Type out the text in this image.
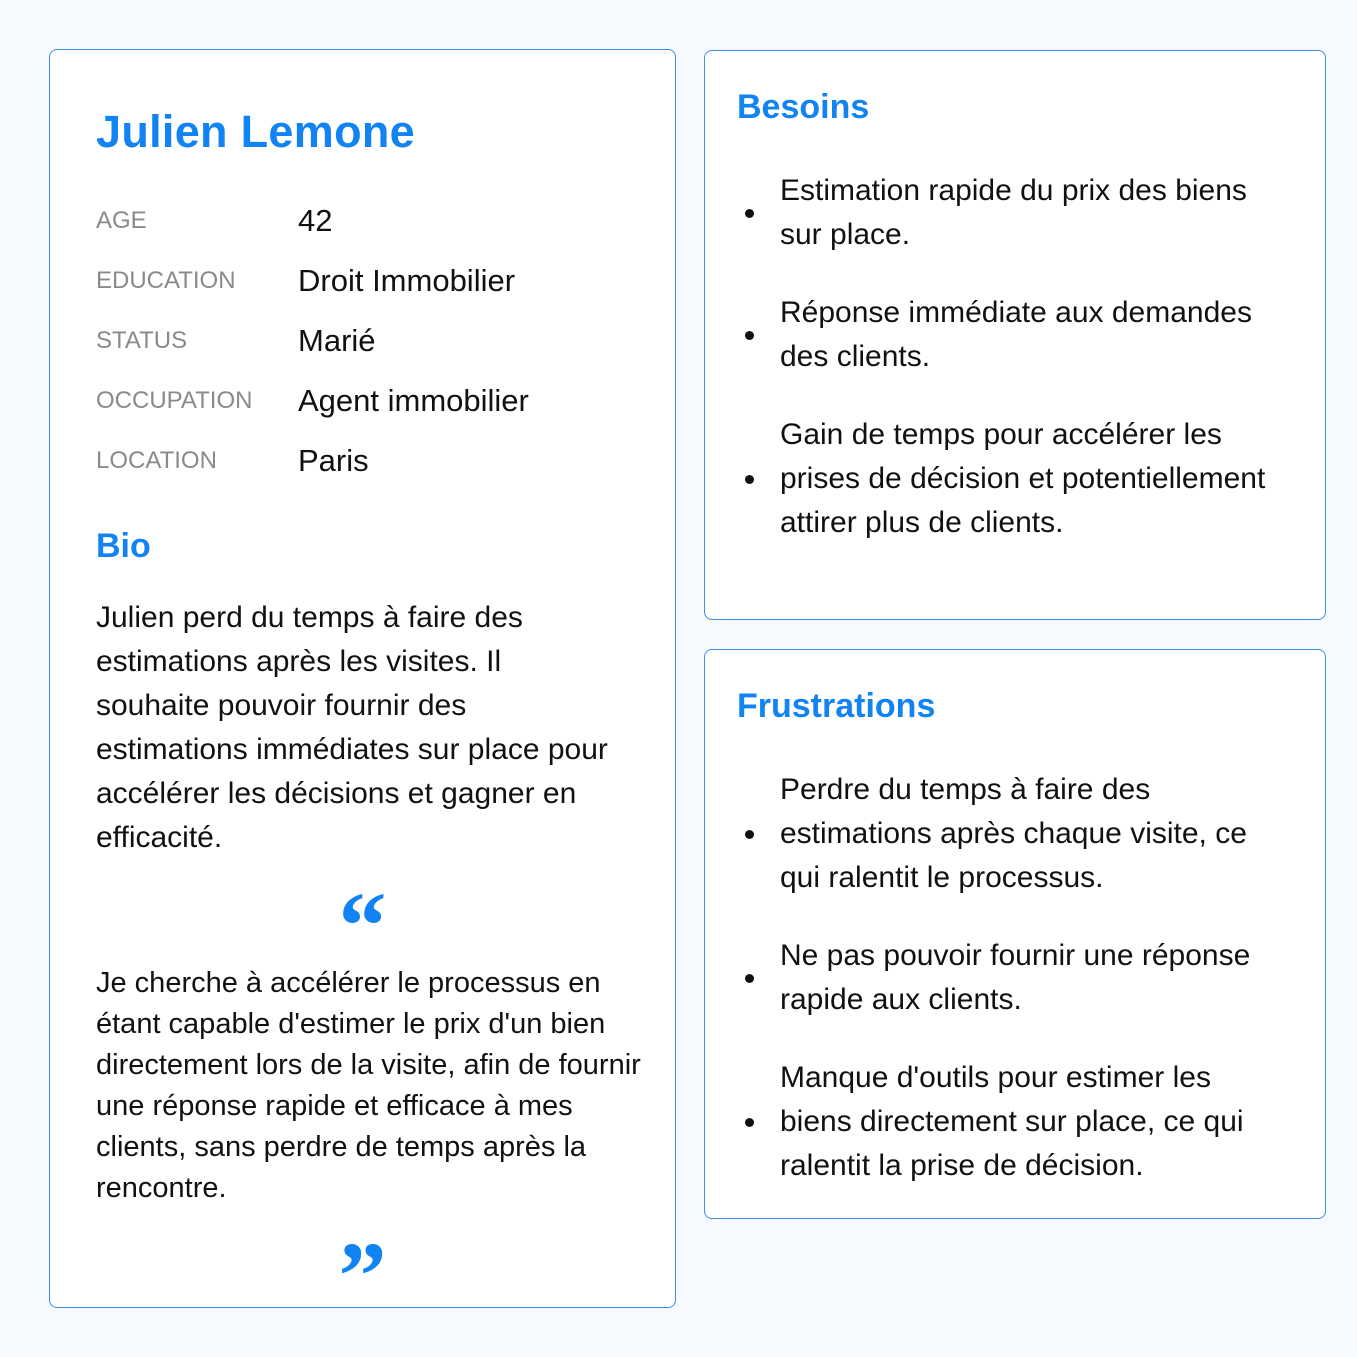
Julien Lemone
AGE	42
EDUCATION	Droit Immobilier
STATUS	Marié
OCCUPATION	Agent immobilier
LOCATION	Paris
Bio
Julien perd du temps à faire des estimations après les visites. Il souhaite pouvoir fournir des estimations immédiates sur place pour accélérer les décisions et gagner en efficacité.
“
Je cherche à accélérer le processus en étant capable d'estimer le prix d'un bien directement lors de la visite, afin de fournir une réponse rapide et efficace à mes clients, sans perdre de temps après la rencontre.
”
Besoins
Estimation rapide du prix des biens sur place.
Réponse immédiate aux demandes des clients.
Gain de temps pour accélérer les prises de décision et potentiellement attirer plus de clients.
Frustrations
Perdre du temps à faire des estimations après chaque visite, ce qui ralentit le processus.
Ne pas pouvoir fournir une réponse rapide aux clients.
Manque d'outils pour estimer les biens directement sur place, ce qui ralentit la prise de décision.
